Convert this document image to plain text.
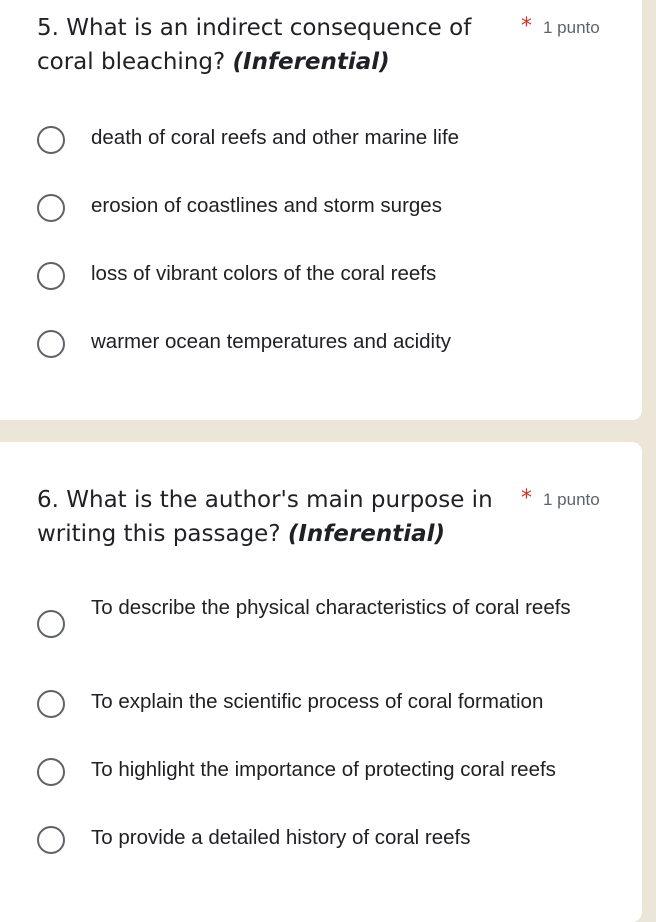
5. What is an indirect consequence of coral bleaching? (Inferential)
* 1 punto
death of coral reefs and other marine life
erosion of coastlines and storm surges
loss of vibrant colors of the coral reefs
warmer ocean temperatures and acidity
6. What is the author's main purpose in writing this passage? (Inferential)
* 1 punto
To describe the physical characteristics of coral reefs
To explain the scientific process of coral formation
To highlight the importance of protecting coral reefs
To provide a detailed history of coral reefs
